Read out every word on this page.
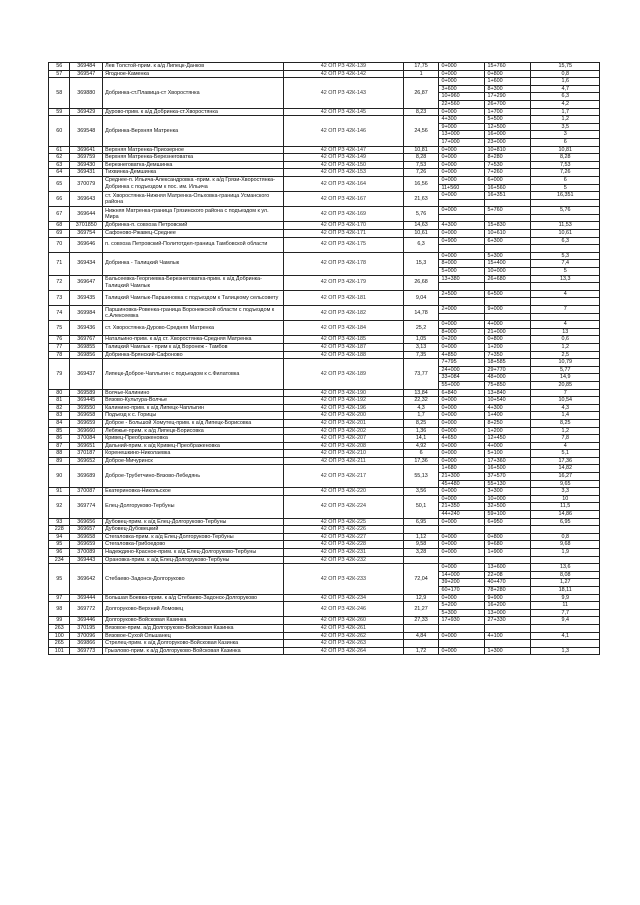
56	369484	Лев Толстой-прим. к а/д Липецк-Данков	42 ОП РЗ 42К-139	17,75	0+000	15+760	15,75
57	369547	Ягодное-Каменка	42 ОП РЗ 42К-142	1	0+000	0+800	0,8
58	369880	Добринка-ст.Плавица-ст Хворостянка	42 ОП РЗ 42К-143	26,87	0+000	1+600	1,6
					3+600	8+300	4,7
					10+960	17+290	6,3
					22+560	26+700	4,2
59	369429	Дурово-прим. к а/д Добринка-ст.Хворостянка	42 ОП РЗ 42К-145	8,23	0+000	1+700	1,7
60	369548	Добринка-Верхняя Матренка	42 ОП РЗ 42К-146	24,56	4+300	5+500	1,2
					9+000	12+500	3,5
					13+000	16+000	3
					17+000	23+000	6
61	369641	Верхняя Матренка-Приозерное	42 ОП РЗ 42К-147	10,81	0+000	10+810	10,81
62	369759	Верхняя Матренка-Березнеговатка	42 ОП РЗ 42К-149	8,28	0+000	8+280	8,28
63	369430	Березнеговатка-Демшинка	42 ОП РЗ 42К-150	7,53	0+000	7+530	7,53
64	369431	Тихвинка-Демшинка	42 ОП РЗ 42К-153	7,26	0+000	7+260	7,26
65	370079	Среднее-п. Ильича-Александровка -прим. к а/д Грязи-Хворостянка-Добринка с подъездом к пос. им. Ильича	42 ОП РЗ 42К-164	16,56	0+000	6+000	6
					11+560	16+560	5
66	369643	ст. Хворостянка-Нижняя Матренка-Ольховка-граница Усманского района	42 ОП РЗ 42К-167	21,63	0+000	16+351	16,351

67	369644	Нижняя Матренка-граница Грязинского района с подъездом к ул. Мира	42 ОП РЗ 42К-169	5,76	0+000	5+760	5,76

68	3701850	Добринка-п. совхоза Петровский	42 ОП РЗ 42К-170	14,63	4+300	15+830	11,53
69	369754	Сафоново-Ржавец-Среднее	42 ОП РЗ 42К-171	10,61	0+000	10+610	10,61
70	369646	п. совхоза Петровский-Политотдел-граница Тамбовской области	42 ОП РЗ 42К-175	6,3	0+900	6+300	6,3

71	369434	Добринка - Талицкий Чамлык	42 ОП РЗ 42К-178	15,3	0+000	5+300	5,3
					8+000	15+400	7,4
					5+000	10+000	5
72	369647	Бальсеевка-Георгиевка-Березнеговатка-прим. к а/д Добринка-Талицкий Чамлык	42 ОП РЗ 42К-179	26,68	13+380	26+680	13,3

73	369435	Талицкий Чамлык-Паршиновка с подъездом к Талицкому сельсовету	42 ОП РЗ 42К-181	9,04	2+500	6+500	4

74	369984	Паршиновка-Ровенка-граница Воронежской области с подъездом к с.Алексеевка	42 ОП РЗ 42К-182	14,78	2+000	9+000	7

75	369436	ст. Хворостянка-Дурово-Средняя Матренка	42 ОП РЗ 42К-184	25,2	0+000	4+000	4
					8+000	21+000	13
76	369767	Натальино-прим. к а/д ст. Хворостянка-Средняя Матренка	42 ОП РЗ 42К-185	1,05	0+200	0+800	0,6
77	369855	Талицкий Чамлык - прим к а/д Воронеж - Тамбов	42 ОП РЗ 42К-187	3,13	0+000	1+200	1,2
78	369856	Добринка-Брянский-Сафоново	42 ОП РЗ 42К-188	7,35	4+850	7+350	2,5
79	369437	Липецк-Доброе-Чаплыгин с подъездом к с.Филатовка	42 ОП РЗ 42К-189	73,77	7+795	18+585	10,79
					24+000	29+770	5,77
					33+084	48+000	14,9
					55+000	75+850	20,85
80	369589	Волчье-Калинино	42 ОП РЗ 42К-190	13,84	6+840	13+840	7
81	369445	Вязово-Культура-Волчье	42 ОП РЗ 42К-192	22,32	0+000	10+540	10,54
82	369550	Калинино-прим. к а/д Липецк-Чаплыгин	42 ОП РЗ 42К-196	4,3	0+000	4+300	4,3
83	369658	Подъезд к с. Горицы	42 ОП РЗ 42К-200	1,7	0+000	1+400	1,4
84	369659	Доброе - Большой Хомутец-прим. к а/д Липецк-Борисовка	42 ОП РЗ 42К-201	8,25	0+000	8+250	8,25
85	369660	Лебяжье-прим. к а/д Липецк-Борисовка	42 ОП РЗ 42К-202	1,36	0+000	1+200	1,2
86	370084	Кривец-Преображеновка	42 ОП РЗ 42К-207	14,1	4+650	12+450	7,8
87	369651	Дальний-прим. к а/д Кривец-Преображеновка	42 ОП РЗ 42К-208	4,92	0+000	4+000	4
88	370187	Коренешкино-Николаевка	42 ОП РЗ 42К-210	6	0+000	5+100	5,1
89	369652	Доброе-Мичуринск	42 ОП РЗ 42К-211	17,36	0+000	17+360	17,36
90	369689	Доброе-Трубетчино-Вязово-Лебедянь	42 ОП РЗ 42К-217	55,13	1+680	16+500	14,82
					21+300	37+570	16,27
					45+480	55+130	9,65
91	370087	Екатериновка-Никольское	42 ОП РЗ 42К-220	3,56	0+000	3+300	3,3
92	369774	Елец-Долгоруково-Тербуны	42 ОП РЗ 42К-224	50,1	0+000	10+000	10
					21+350	32+500	11,5
					44+240	59+100	14,86
93	369656	Дубовец-прим. к а/д Елец-Долгоруково-Тербуны	42 ОП РЗ 42К-225	6,95	0+000	6+950	6,95
228	369657	Дубовец-Дубовецкий	42 ОП РЗ 42К-226				
94	369658	Стегаловка-прим. к а/д Елец-Долгоруково-Тербуны	42 ОП РЗ 42К-227	1,12	0+000	0+800	0,8
95	369659	Стегаловка-Грибоедово	42 ОП РЗ 42К-228	9,58	0+000	9+680	9,68
96	370089	Надеждино-Красное-прим. к а/д Елец-Долгоруково-Тербуны	42 ОП РЗ 42К-231	3,28	0+000	1+900	1,9
234	369443	Орановка-прим. к а/д Елец-Долгоруково-Тербуны	42 ОП РЗ 42К-232				
95	369642	Стебаево-Задонск-Долгоруково	42 ОП РЗ 42К-233	72,04	0+000	13+600	13,6
					14+000	22+08	8,08
					39+200	40+470	1,27
					60+170	78+280	18,11
97	369444	Большая Боевка-прим. к а/д Стебаево-Задонск-Долгоруково	42 ОП РЗ 42К-234	12,9	0+000	9+900	9,9
98	369772	Долгоруково-Верхний Ломовец	42 ОП РЗ 42К-246	21,27	5+200	16+200	11
					5+300	13+000	7,7
99	369446	Долгоруково-Войсковая Казинка	42 ОП РЗ 42К-260	27,33	17+930	27+330	9,4
263	370195	Вязовое-прим. а/д Долгоруково-Войсковая Казинка	42 ОП РЗ 42К-261				
100	370096	Вязовое-Сухой Ольшанец	42 ОП РЗ 42К-262	4,84	0+000	4+100	4,1
265	369866	Стрелец-прим. к а/д Долгоруково-Войсковая Казинка	42 ОП РЗ 42К-263				
101	369773	Грызлово-прим. к а/д Долгоруково-Войсковая Казинка	42 ОП РЗ 42К-264	1,72	0+000	1+300	1,3
